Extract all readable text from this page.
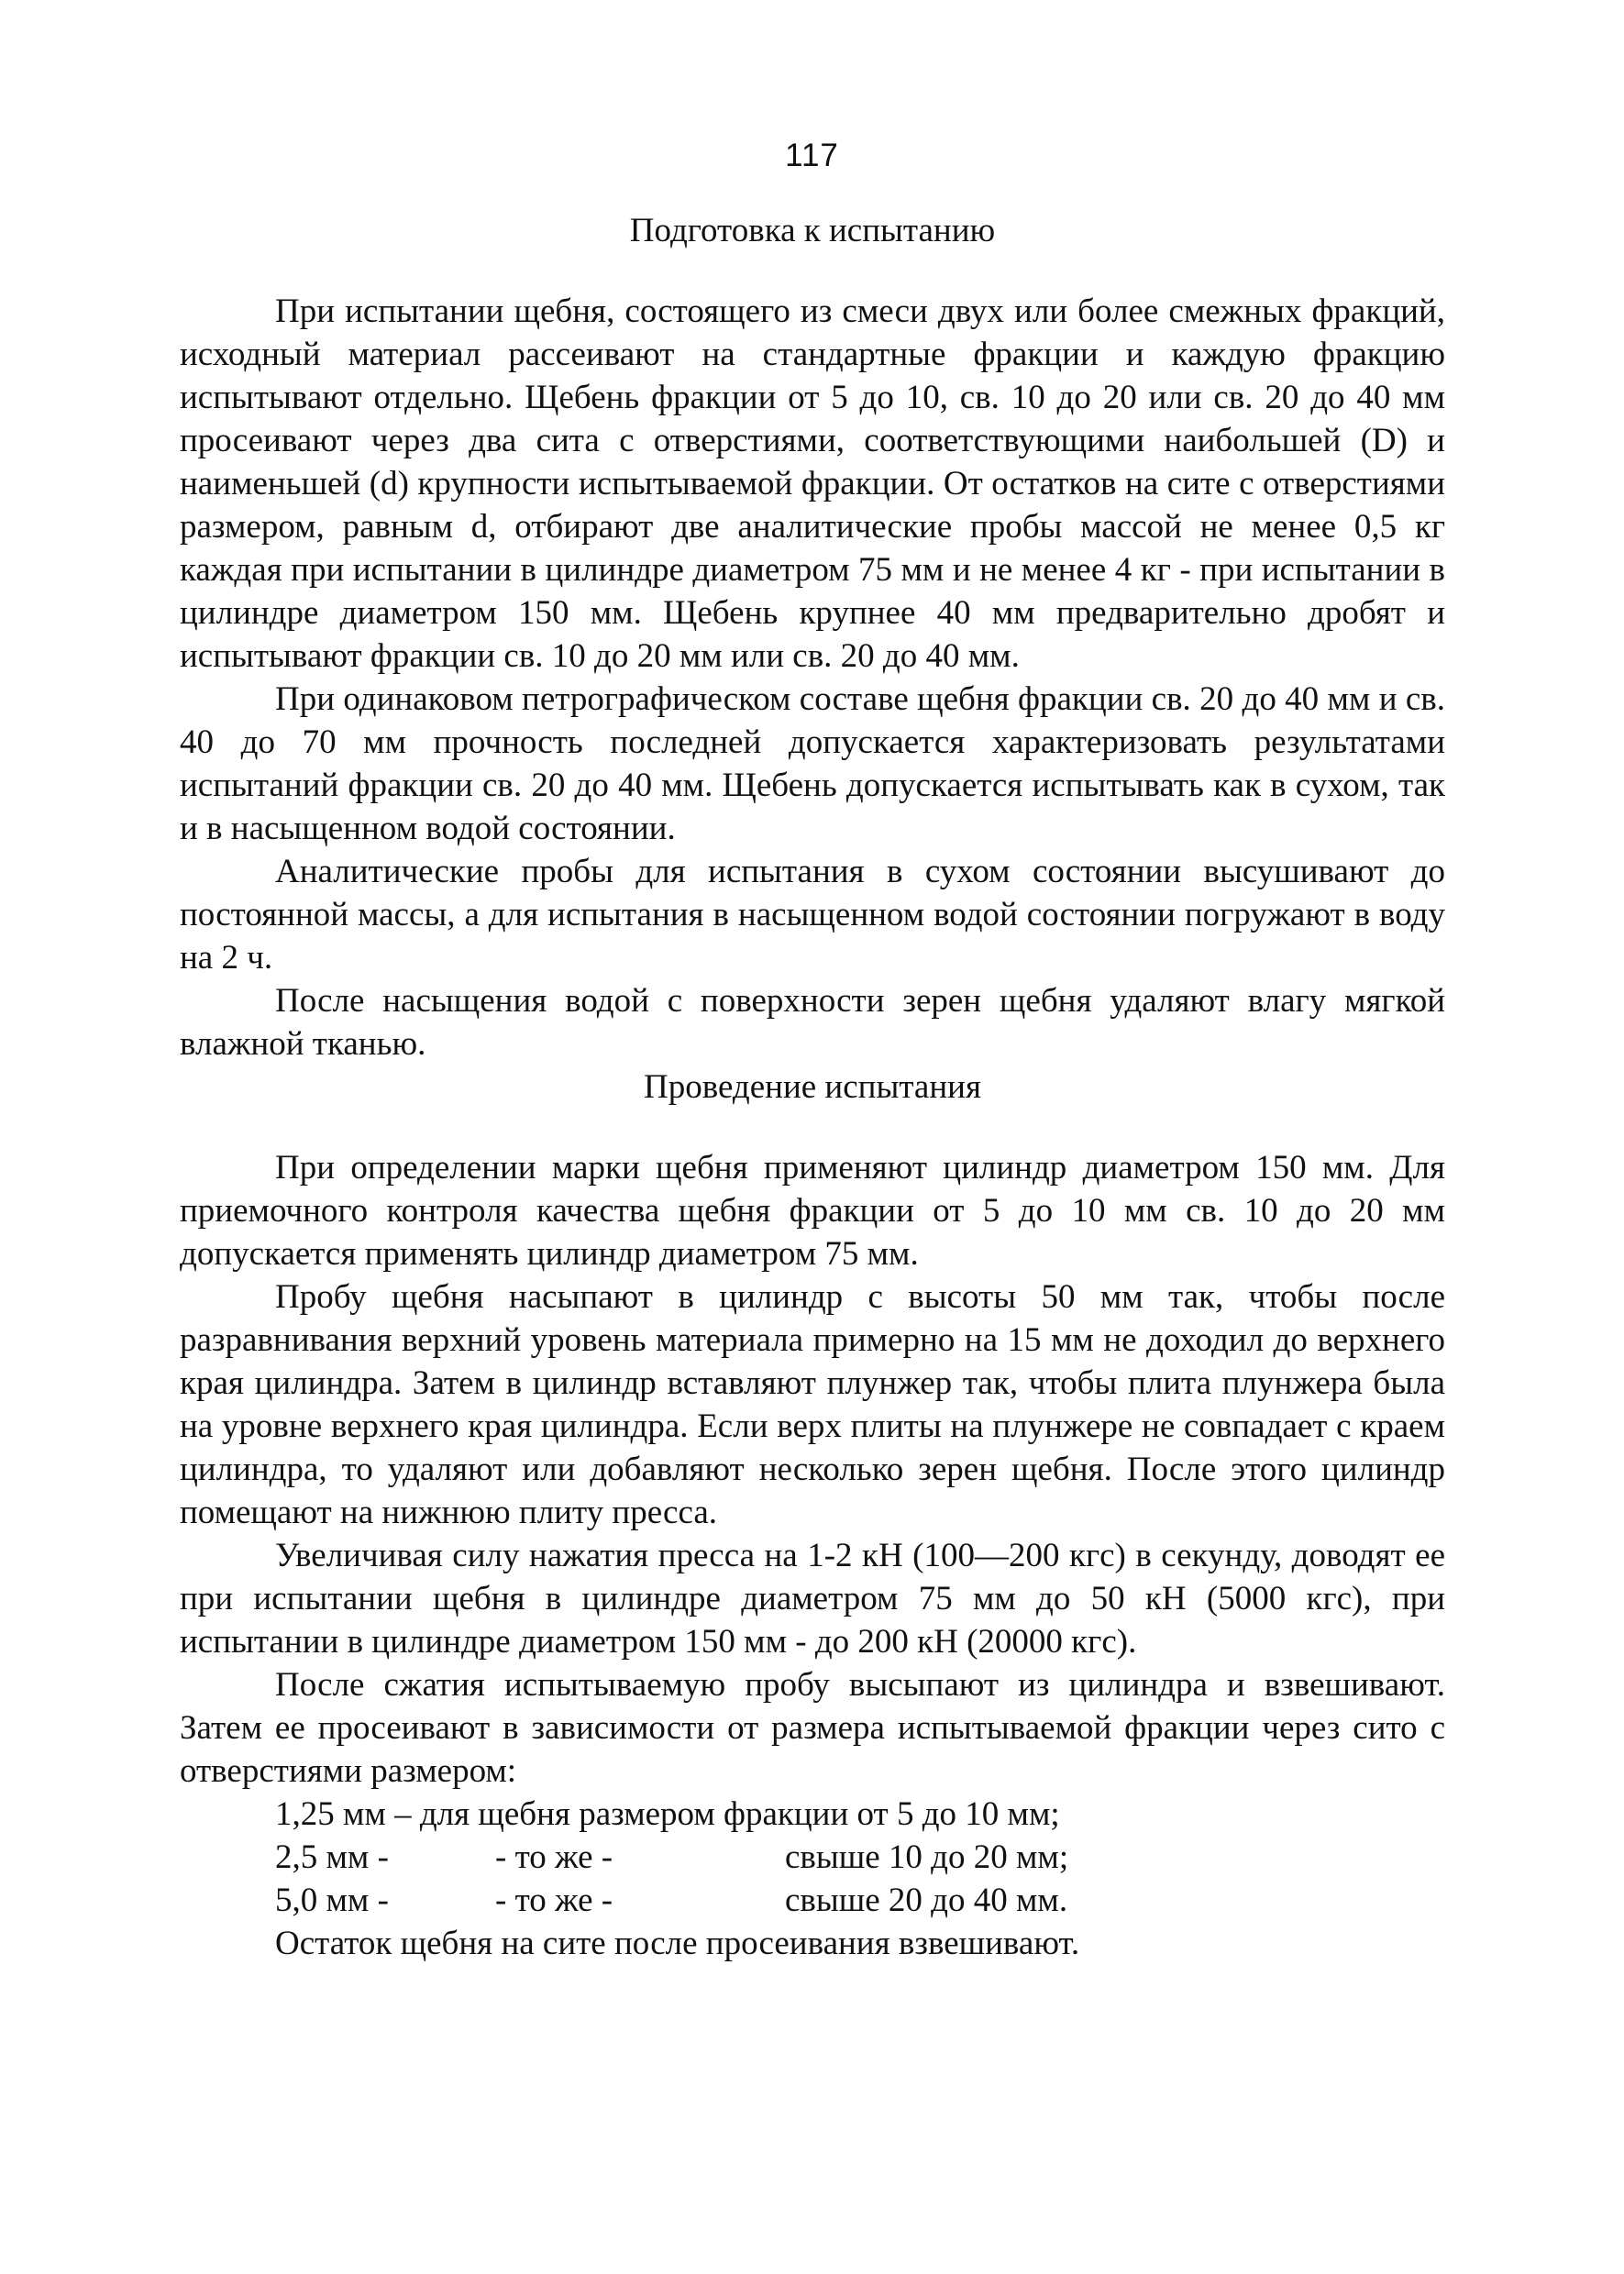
117
Подготовка к испытанию

При испытании щебня, состоящего из смеси двух или более смежных фракций, исходный материал рассеивают на стандартные фракции и каждую фракцию испытывают отдельно. Щебень фракции от 5 до 10, св. 10 до 20 или св. 20 до 40 мм просеивают через два сита с отверстиями, соответствующими наибольшей (D) и наименьшей (d) крупности испытываемой фракции. От остатков на сите с отверстиями размером, равным d, отбирают две аналитические пробы массой не менее 0,5 кг каждая при испытании в цилиндре диаметром 75 мм и не менее 4 кг - при испытании в цилиндре диаметром 150 мм. Щебень крупнее 40 мм предварительно дробят и испытывают фракции св. 10 до 20 мм или св. 20 до 40 мм.

При одинаковом петрографическом составе щебня фракции св. 20 до 40 мм и св. 40 до 70 мм прочность последней допускается характеризовать результатами испытаний фракции св. 20 до 40 мм. Щебень допускается испытывать как в сухом, так и в насыщенном водой состоянии.

Аналитические пробы для испытания в сухом состоянии высушивают до постоянной массы, а для испытания в насыщенном водой состоянии погружают в воду на 2 ч.

После насыщения водой с поверхности зерен щебня удаляют влагу мягкой влажной тканью.

Проведение испытания

При определении марки щебня применяют цилиндр диаметром 150 мм. Для приемочного контроля качества щебня фракции от 5 до 10 мм св. 10 до 20 мм допускается применять цилиндр диаметром 75 мм.

Пробу щебня насыпают в цилиндр с высоты 50 мм так, чтобы после разравнивания верхний уровень материала примерно на 15 мм не доходил до верхнего края цилиндра. Затем в цилиндр вставляют плунжер так, чтобы плита плунжера была на уровне верхнего края цилиндра. Если верх плиты на плунжере не совпадает с краем цилиндра, то удаляют или добавляют несколько зерен щебня. После этого цилиндр помещают на нижнюю плиту пресса.

Увеличивая силу нажатия пресса на 1-2 кН (100—200 кгс) в секунду, доводят ее при испытании щебня в цилиндре диаметром 75 мм до 50 кН (5000 кгс), при испытании в цилиндре диаметром 150 мм - до 200 кН (20000 кгс).

После сжатия испытываемую пробу высыпают из цилиндра и взвешивают. Затем ее просеивают в зависимости от размера испытываемой фракции через сито с отверстиями размером:

1,25 мм – для щебня размером фракции от 5 до 10 мм;
2,5 мм -	- то же -	свыше 10 до 20 мм;
5,0 мм -	- то же -	свыше 20 до 40 мм.
Остаток щебня на сите после просеивания взвешивают.
